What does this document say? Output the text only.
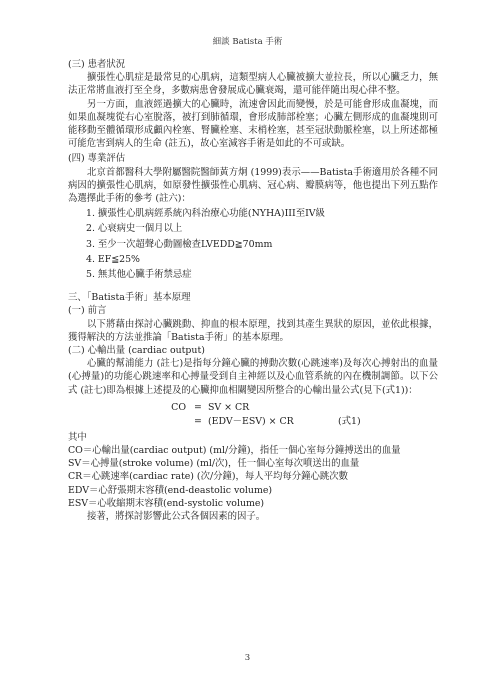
細談 Batista 手術

(三) 患者狀況

擴張性心肌症是最常見的心肌病，這類型病人心臟被擴大並拉長，所以心臟乏力，無法正常將血液打至全身，多數病患會發展成心臟衰竭，還可能伴隨出現心律不整。

另一方面，血液經過擴大的心臟時，流速會因此而變慢，於是可能會形成血凝塊，而如果血凝塊從右心室脫落，被打到肺循環，會形成肺部栓塞；心臟左側形成的血凝塊則可能移動至體循環形成顱內栓塞、腎臟栓塞、末梢栓塞，甚至冠狀動脈栓塞，以上所述都極可能危害到病人的生命 (註五)，故心室減容手術是如此的不可或缺。

(四) 專業評估

北京首都醫科大學附屬醫院醫師黃方炯 (1999)表示——Batista手術適用於各種不同病因的擴張性心肌病，如原發性擴張性心肌病、冠心病、瓣膜病等，他也提出下列五點作為選擇此手術的參考 (註六)：

1. 擴張性心肌病經系統內科治療心功能(NYHA)III至IV級
2. 心衰病史一個月以上
3. 至少一次超聲心動圖檢查LVEDD≧70mm
4. EF≦25%
5. 無其他心臟手術禁忌症

三、「Batista手術」基本原理

(一) 前言

以下將藉由探討心臟跳動、抑血的根本原理，找到其產生異狀的原因，並依此根據，獲得解決的方法並推論「Batista手術」的基本原理。

(二) 心輸出量 (cardiac output)

心臟的幫浦能力 (註七)是指每分鐘心臟的搏動次數(心跳速率)及每次心搏射出的血量(心搏量)的功能心跳速率和心搏量受到自主神經以及心血管系統的內在機制調節。以下公式 (註七)即為根據上述提及的心臟抑血相關變因所整合的心輸出量公式(見下(式1))：

CO = SV × CR
= (EDV－ESV) × CR	(式1)

其中

CO＝心輸出量(cardiac output) (ml/分鐘)，指任一個心室每分鐘搏送出的血量

SV＝心搏量(stroke volume) (ml/次)，任一個心室每次噴送出的血量

CR＝心跳速率(cardiac rate) (次/分鐘)，每人平均每分鐘心跳次數

EDV＝心舒張期末容積(end-deastolic volume)

ESV＝心收縮期末容積(end-systolic volume)

接著，將探討影響此公式各個因素的因子。

3
